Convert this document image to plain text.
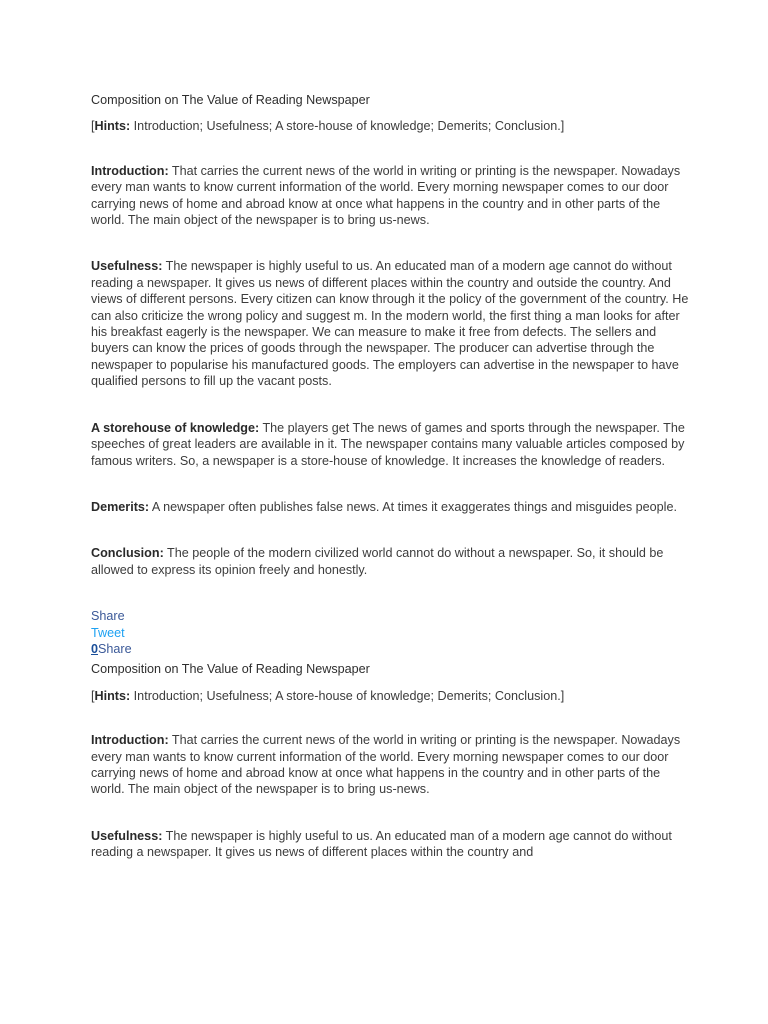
Composition on The Value of Reading Newspaper

[Hints: Introduction; Usefulness; A store-house of knowledge; Demerits; Conclusion.]

Introduction: That carries the current news of the world in writing or printing is the newspaper. Nowadays every man wants to know current information of the world. Every morning newspaper comes to our door carrying news of home and abroad know at once what happens in the country and in other parts of the world. The main object of the newspaper is to bring us-news.

Usefulness: The newspaper is highly useful to us. An educated man of a modern age cannot do without reading a newspaper. It gives us news of different places within the country and outside the country. And views of different persons. Every citizen can know through it the policy of the government of the country. He can also criticize the wrong policy and suggest m. In the modern world, the first thing a man looks for after his breakfast eagerly is the newspaper. We can measure to make it free from defects. The sellers and buyers can know the prices of goods through the newspaper. The producer can advertise through the newspaper to popularise his manufactured goods. The employers can advertise in the newspaper to have qualified persons to fill up the vacant posts.

A storehouse of knowledge: The players get The news of games and sports through the newspaper. The speeches of great leaders are available in it. The newspaper contains many valuable articles composed by famous writers. So, a newspaper is a store-house of knowledge. It increases the knowledge of readers.

Demerits: A newspaper often publishes false news. At times it exaggerates things and misguides people.

Conclusion: The people of the modern civilized world cannot do without a newspaper. So, it should be allowed to express its opinion freely and honestly.

Share
Tweet
0Share

Composition on The Value of Reading Newspaper

[Hints: Introduction; Usefulness; A store-house of knowledge; Demerits; Conclusion.]

Introduction: That carries the current news of the world in writing or printing is the newspaper. Nowadays every man wants to know current information of the world. Every morning newspaper comes to our door carrying news of home and abroad know at once what happens in the country and in other parts of the world. The main object of the newspaper is to bring us-news.

Usefulness: The newspaper is highly useful to us. An educated man of a modern age cannot do without reading a newspaper. It gives us news of different places within the country and
